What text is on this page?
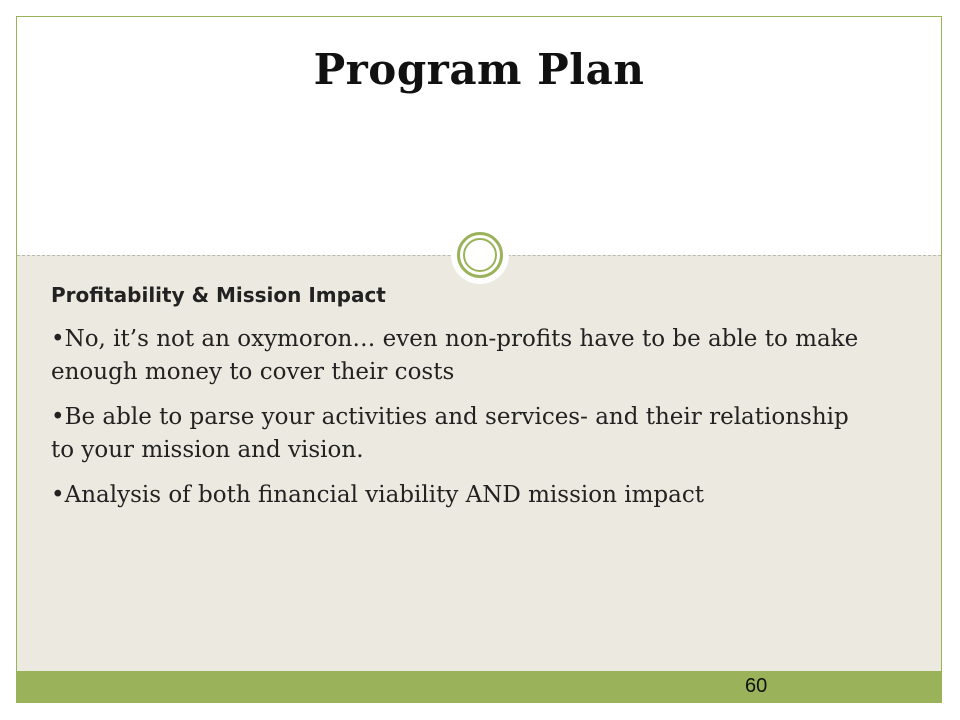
Program Plan
Profitability & Mission Impact
•No, it’s not an oxymoron… even non-profits have to be able to make enough money to cover their costs
•Be able to parse your activities and services- and their relationship to your mission and vision.
•Analysis of both financial viability AND mission impact
60
